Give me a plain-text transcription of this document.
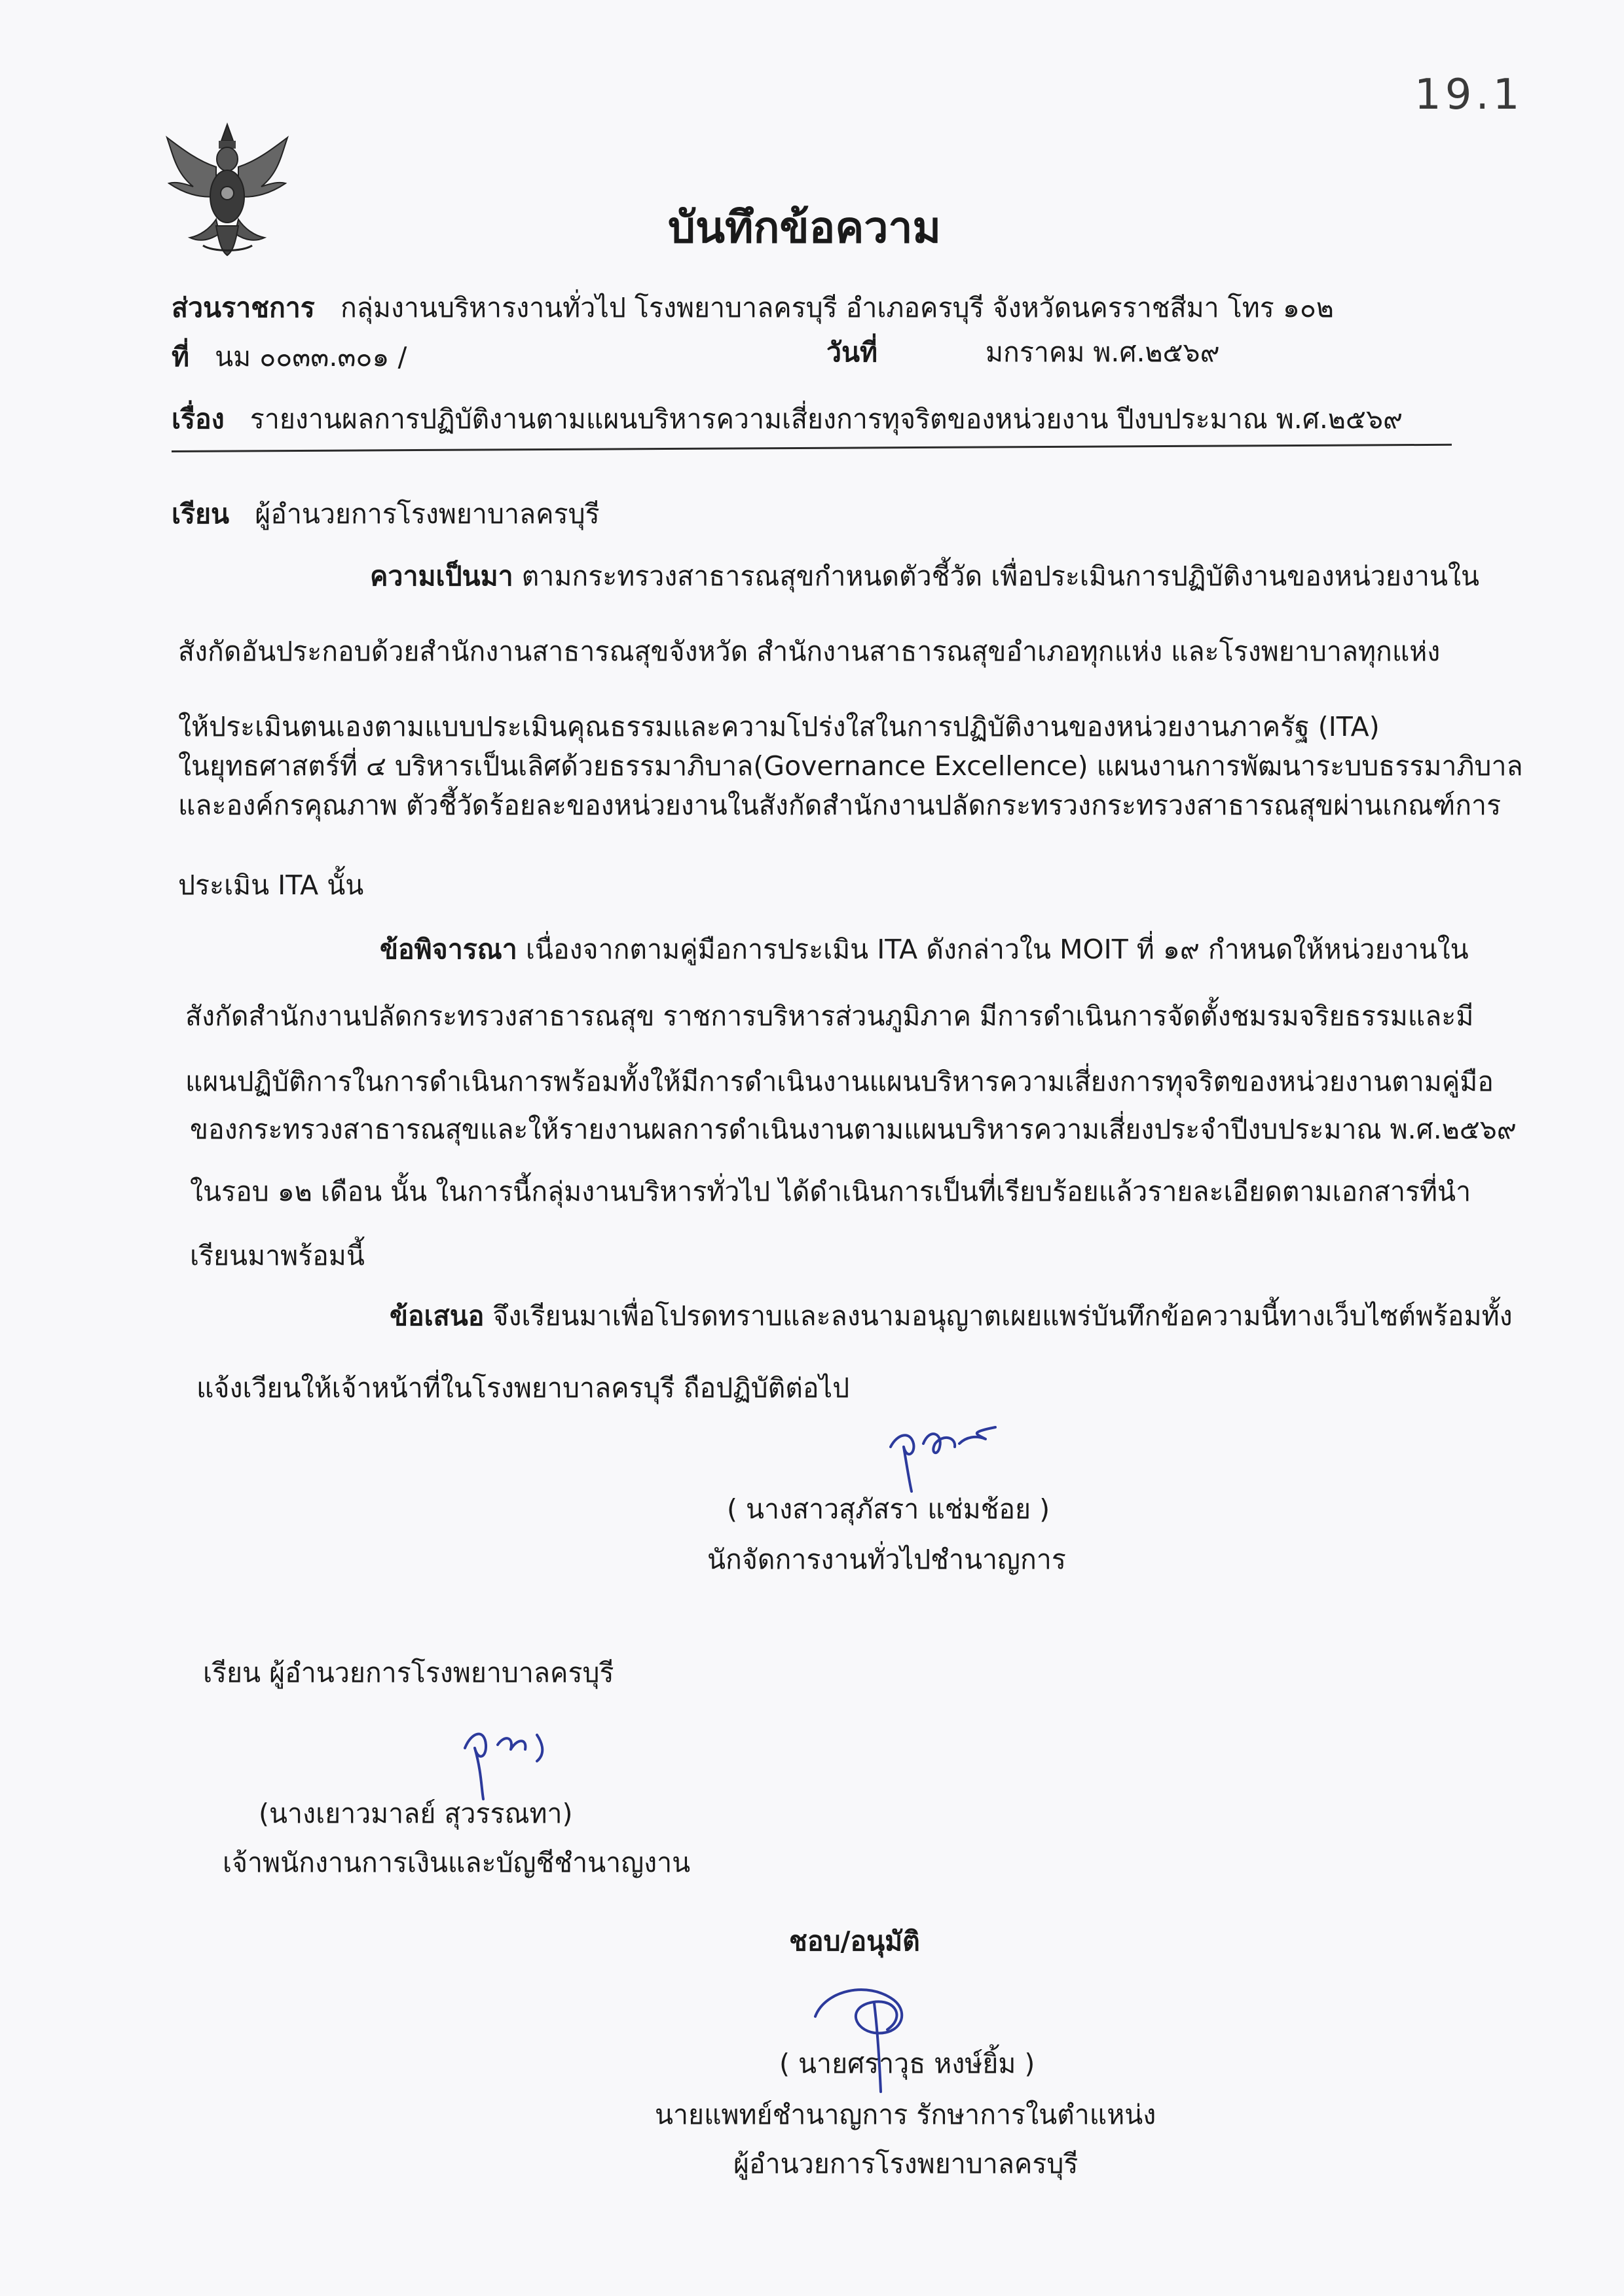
19.1
บันทึกข้อความ
ส่วนราชการ กลุ่มงานบริหารงานทั่วไป โรงพยาบาลครบุรี อำเภอครบุรี จังหวัดนครราชสีมา โทร ๑๐๒
ที่ นม ๐๐๓๓.๓๐๑ /	วันที่	มกราคม พ.ศ.๒๕๖๙
เรื่อง รายงานผลการปฏิบัติงานตามแผนบริหารความเสี่ยงการทุจริตของหน่วยงาน ปีงบประมาณ พ.ศ.๒๕๖๙
เรียน ผู้อำนวยการโรงพยาบาลครบุรี
ความเป็นมา ตามกระทรวงสาธารณสุขกำหนดตัวชี้วัด เพื่อประเมินการปฏิบัติงานของหน่วยงานใน
สังกัดอันประกอบด้วยสำนักงานสาธารณสุขจังหวัด สำนักงานสาธารณสุขอำเภอทุกแห่ง และโรงพยาบาลทุกแห่ง
ให้ประเมินตนเองตามแบบประเมินคุณธรรมและความโปร่งใสในการปฏิบัติงานของหน่วยงานภาครัฐ (ITA)
ในยุทธศาสตร์ที่ ๔ บริหารเป็นเลิศด้วยธรรมาภิบาล(Governance Excellence) แผนงานการพัฒนาระบบธรรมาภิบาล
และองค์กรคุณภาพ ตัวชี้วัดร้อยละของหน่วยงานในสังกัดสำนักงานปลัดกระทรวงกระทรวงสาธารณสุขผ่านเกณฑ์การ
ประเมิน ITA นั้น
ข้อพิจารณา เนื่องจากตามคู่มือการประเมิน ITA ดังกล่าวใน MOIT ที่ ๑๙ กำหนดให้หน่วยงานใน
สังกัดสำนักงานปลัดกระทรวงสาธารณสุข ราชการบริหารส่วนภูมิภาค มีการดำเนินการจัดตั้งชมรมจริยธรรมและมี
แผนปฏิบัติการในการดำเนินการพร้อมทั้งให้มีการดำเนินงานแผนบริหารความเสี่ยงการทุจริตของหน่วยงานตามคู่มือ
ของกระทรวงสาธารณสุขและให้รายงานผลการดำเนินงานตามแผนบริหารความเสี่ยงประจำปีงบประมาณ พ.ศ.๒๕๖๙
ในรอบ ๑๒ เดือน นั้น ในการนี้กลุ่มงานบริหารทั่วไป ได้ดำเนินการเป็นที่เรียบร้อยแล้วรายละเอียดตามเอกสารที่นำ
เรียนมาพร้อมนี้
ข้อเสนอ จึงเรียนมาเพื่อโปรดทราบและลงนามอนุญาตเผยแพร่บันทึกข้อความนี้ทางเว็บไซต์พร้อมทั้ง
แจ้งเวียนให้เจ้าหน้าที่ในโรงพยาบาลครบุรี ถือปฏิบัติต่อไป
( นางสาวสุภัสรา แช่มช้อย )
นักจัดการงานทั่วไปชำนาญการ
เรียน ผู้อำนวยการโรงพยาบาลครบุรี
(นางเยาวมาลย์ สุวรรณทา)
เจ้าพนักงานการเงินและบัญชีชำนาญงาน
ชอบ/อนุมัติ
( นายศราวุธ หงษ์ยิ้ม )
นายแพทย์ชำนาญการ รักษาการในตำแหน่ง
ผู้อำนวยการโรงพยาบาลครบุรี
